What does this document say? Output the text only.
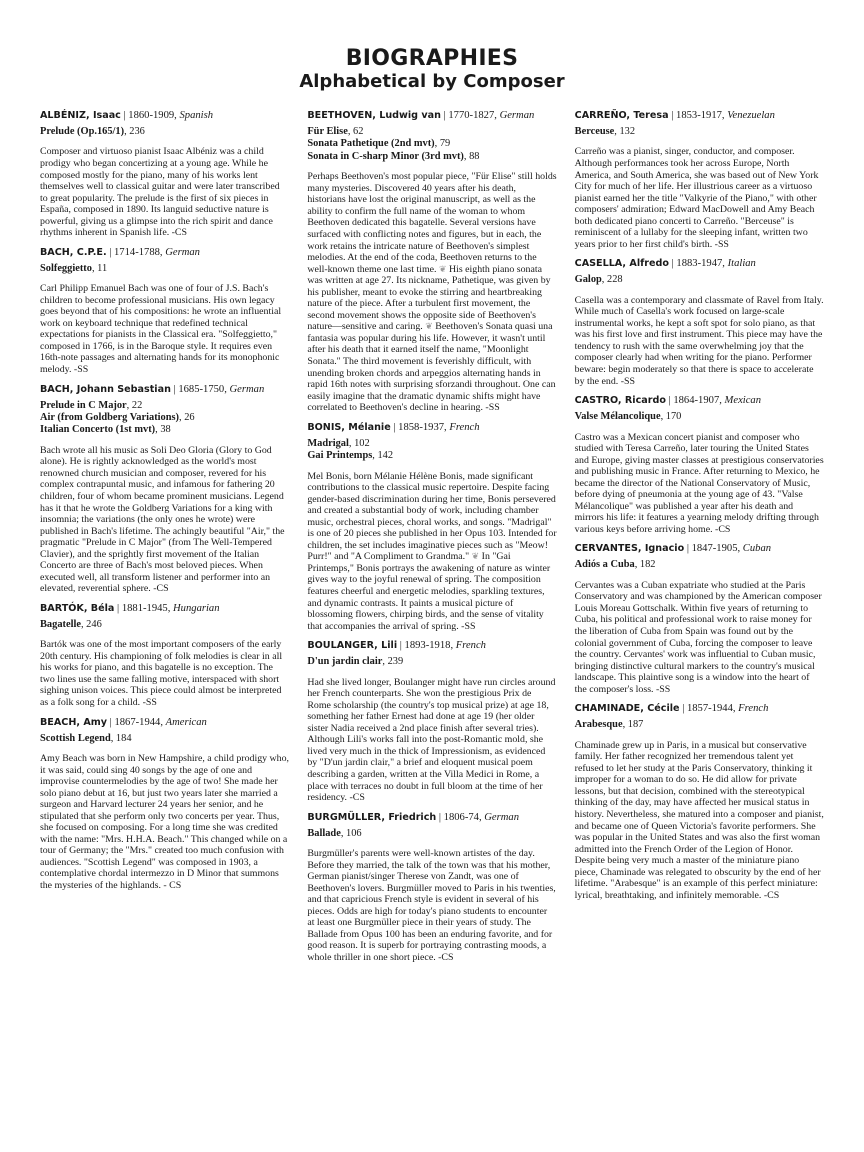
BIOGRAPHIES
Alphabetical by Composer

ALBÉNIZ, Isaac | 1860-1909, Spanish

Prelude (Op.165/1), 236

Composer and virtuoso pianist Isaac Albéniz was a child prodigy who began concertizing at a young age. While he composed mostly for the piano, many of his works lent themselves well to classical guitar and were later transcribed to great popularity. The prelude is the first of six pieces in España, composed in 1890. Its languid seductive nature is powerful, giving us a glimpse into the rich spirit and dance rhythms inherent in Spanish life. -CS

BACH, C.P.E. | 1714-1788, German

Solfeggietto, 11

Carl Philipp Emanuel Bach was one of four of J.S. Bach's children to become professional musicians. His own legacy goes beyond that of his compositions: he wrote an influential work on keyboard technique that redefined technical expectations for pianists in the Classical era. "Solfeggietto," composed in 1766, is in the Baroque style. It requires even 16th-note passages and alternating hands for its monophonic melody. -SS

BACH, Johann Sebastian | 1685-1750, German

Prelude in C Major, 22
Air (from Goldberg Variations), 26
Italian Concerto (1st mvt), 38

Bach wrote all his music as Soli Deo Gloria (Glory to God alone). He is rightly acknowledged as the world's most renowned church musician and composer, revered for his complex contrapuntal music, and infamous for fathering 20 children, four of whom became prominent musicians. Legend has it that he wrote the Goldberg Variations for a king with insomnia; the variations (the only ones he wrote) were published in Bach's lifetime. The achingly beautiful "Air," the pragmatic "Prelude in C Major" (from The Well-Tempered Clavier), and the sprightly first movement of the Italian Concerto are three of Bach's most beloved pieces. When executed well, all transform listener and performer into an elevated, reverential sphere. -CS

BARTÓK, Béla | 1881-1945, Hungarian

Bagatelle, 246

Bartók was one of the most important composers of the early 20th century. His championing of folk melodies is clear in all his works for piano, and this bagatelle is no exception. The two lines use the same falling motive, interspaced with short sighing unison voices. This piece could almost be interpreted as a folk song for a child. -SS

BEACH, Amy | 1867-1944, American

Scottish Legend, 184

Amy Beach was born in New Hampshire, a child prodigy who, it was said, could sing 40 songs by the age of one and improvise countermelodies by the age of two! She made her solo piano debut at 16, but just two years later she married a surgeon and Harvard lecturer 24 years her senior, and he stipulated that she perform only two concerts per year. Thus, she focused on composing. For a long time she was credited with the name: "Mrs. H.H.A. Beach." This changed while on a tour of Germany; the "Mrs." created too much confusion with audiences. "Scottish Legend" was composed in 1903, a contemplative chordal intermezzo in D Minor that summons the mysteries of the highlands. - CS

BEETHOVEN, Ludwig van | 1770-1827, German

Für Elise, 62
Sonata Pathetique (2nd mvt), 79
Sonata in C-sharp Minor (3rd mvt), 88

Perhaps Beethoven's most popular piece, "Für Elise" still holds many mysteries. Discovered 40 years after his death, historians have lost the original manuscript, as well as the ability to confirm the full name of the woman to whom Beethoven dedicated this bagatelle. Several versions have surfaced with conflicting notes and figures, but in each, the work retains the intricate nature of Beethoven's simplest melodies. At the end of the coda, Beethoven returns to the well-known theme one last time. ❦ His eighth piano sonata was written at age 27. Its nickname, Pathetique, was given by his publisher, meant to evoke the stirring and heartbreaking nature of the piece. After a turbulent first movement, the second movement shows the opposite side of Beethoven's nature—sensitive and caring. ❦ Beethoven's Sonata quasi una fantasia was popular during his life. However, it wasn't until after his death that it earned itself the name, "Moonlight Sonata." The third movement is feverishly difficult, with unending broken chords and arpeggios alternating hands in rapid 16th notes with surprising sforzandi throughout. One can easily imagine that the dramatic dynamic shifts might have correlated to Beethoven's decline in hearing. -SS

BONIS, Mélanie | 1858-1937, French

Madrigal, 102
Gai Printemps, 142

Mel Bonis, born Mélanie Hélène Bonis, made significant contributions to the classical music repertoire. Despite facing gender-based discrimination during her time, Bonis persevered and created a substantial body of work, including chamber music, orchestral pieces, choral works, and songs. "Madrigal" is one of 20 pieces she published in her Opus 103. Intended for children, the set includes imaginative pieces such as "Meow! Purr!" and "A Compliment to Grandma." ❦ In "Gai Printemps," Bonis portrays the awakening of nature as winter gives way to the joyful renewal of spring. The composition features cheerful and energetic melodies, sparkling textures, and dynamic contrasts. It paints a musical picture of blossoming flowers, chirping birds, and the sense of vitality that accompanies the arrival of spring. -SS

BOULANGER, Lili | 1893-1918, French

D'un jardin clair, 239

Had she lived longer, Boulanger might have run circles around her French counterparts. She won the prestigious Prix de Rome scholarship (the country's top musical prize) at age 18, something her father Ernest had done at age 19 (her older sister Nadia received a 2nd place finish after several tries). Although Lili's works fall into the post-Romantic mold, she lived very much in the thick of Impressionism, as evidenced by "D'un jardin clair," a brief and eloquent musical poem describing a garden, written at the Villa Medici in Rome, a place with terraces no doubt in full bloom at the time of her residency. -CS

BURGMÜLLER, Friedrich | 1806-74, German

Ballade, 106

Burgmüller's parents were well-known artistes of the day. Before they married, the talk of the town was that his mother, German pianist/singer Therese von Zandt, was one of Beethoven's lovers. Burgmüller moved to Paris in his twenties, and that capricious French style is evident in several of his pieces. Odds are high for today's piano students to encounter at least one Burgmüller piece in their years of study. The Ballade from Opus 100 has been an enduring favorite, and for good reason. It is superb for portraying contrasting moods, a whole thriller in one short piece. -CS

CARREÑO, Teresa | 1853-1917, Venezuelan

Berceuse, 132

Carreño was a pianist, singer, conductor, and composer. Although performances took her across Europe, North America, and South America, she was based out of New York City for much of her life. Her illustrious career as a virtuoso pianist earned her the title "Valkyrie of the Piano," with other composers' admiration; Edward MacDowell and Amy Beach both dedicated piano concerti to Carreño. "Berceuse" is reminiscent of a lullaby for the sleeping infant, written two years prior to her first child's birth. -SS

CASELLA, Alfredo | 1883-1947, Italian

Galop, 228

Casella was a contemporary and classmate of Ravel from Italy. While much of Casella's work focused on large-scale instrumental works, he kept a soft spot for solo piano, as that was his first love and first instrument. This piece may have the tendency to rush with the same overwhelming joy that the composer clearly had when writing for the piano. Performer beware: begin moderately so that there is space to accelerate by the end. -SS

CASTRO, Ricardo | 1864-1907, Mexican

Valse Mélancolique, 170

Castro was a Mexican concert pianist and composer who studied with Teresa Carreño, later touring the United States and Europe, giving master classes at prestigious conservatories and publishing music in France. After returning to Mexico, he became the director of the National Conservatory of Music, before dying of pneumonia at the young age of 43. "Valse Mélancolique" was published a year after his death and mirrors his life: it features a yearning melody drifting through various keys before arriving home. -CS

CERVANTES, Ignacio | 1847-1905, Cuban

Adiós a Cuba, 182

Cervantes was a Cuban expatriate who studied at the Paris Conservatory and was championed by the American composer Louis Moreau Gottschalk. Within five years of returning to Cuba, his political and professional work to raise money for the liberation of Cuba from Spain was found out by the colonial government of Cuba, forcing the composer to leave the country. Cervantes' work was influential to Cuban music, bringing distinctive cultural markers to the country's musical landscape. This plaintive song is a window into the heart of the composer's loss. -SS

CHAMINADE, Cécile | 1857-1944, French

Arabesque, 187

Chaminade grew up in Paris, in a musical but conservative family. Her father recognized her tremendous talent yet refused to let her study at the Paris Conservatory, thinking it improper for a woman to do so. He did allow for private lessons, but that decision, combined with the stereotypical thinking of the day, may have affected her musical status in history. Nevertheless, she matured into a composer and pianist, and became one of Queen Victoria's favorite performers. She was popular in the United States and was also the first woman admitted into the French Order of the Legion of Honor. Despite being very much a master of the miniature piano piece, Chaminade was relegated to obscurity by the end of her lifetime. "Arabesque" is an example of this perfect miniature: lyrical, breathtaking, and infinitely memorable. -CS
